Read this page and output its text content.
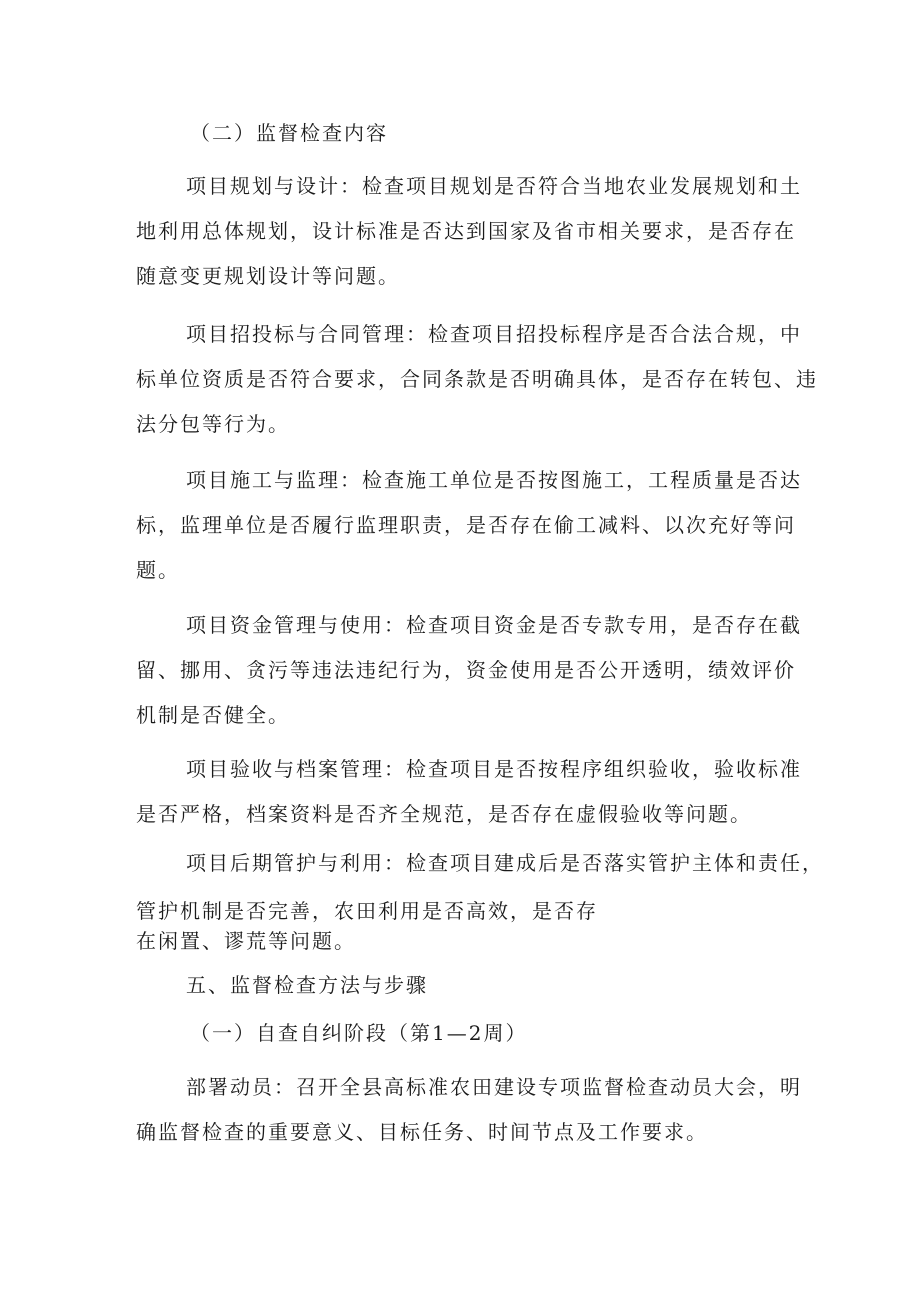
（二）监督检查内容
项目规划与设计：检查项目规划是否符合当地农业发展规划和土
地利用总体规划，设计标准是否达到国家及省市相关要求，是否存在
随意变更规划设计等问题。
项目招投标与合同管理：检查项目招投标程序是否合法合规，中
标单位资质是否符合要求，合同条款是否明确具体，是否存在转包、违
法分包等行为。
项目施工与监理：检查施工单位是否按图施工，工程质量是否达
标，监理单位是否履行监理职责，是否存在偷工减料、以次充好等问
题。
项目资金管理与使用：检查项目资金是否专款专用，是否存在截
留、挪用、贪污等违法违纪行为，资金使用是否公开透明，绩效评价
机制是否健全。
项目验收与档案管理：检查项目是否按程序组织验收，验收标准
是否严格，档案资料是否齐全规范，是否存在虚假验收等问题。
项目后期管护与利用：检查项目建成后是否落实管护主体和责任，
管护机制是否完善，农田利用是否高效，是否存
在闲置、谬荒等问题。
五、监督检查方法与步骤
（一）自查自纠阶段（第1—2周）
部署动员：召开全县高标准农田建设专项监督检查动员大会，明
确监督检查的重要意义、目标任务、时间节点及工作要求。
